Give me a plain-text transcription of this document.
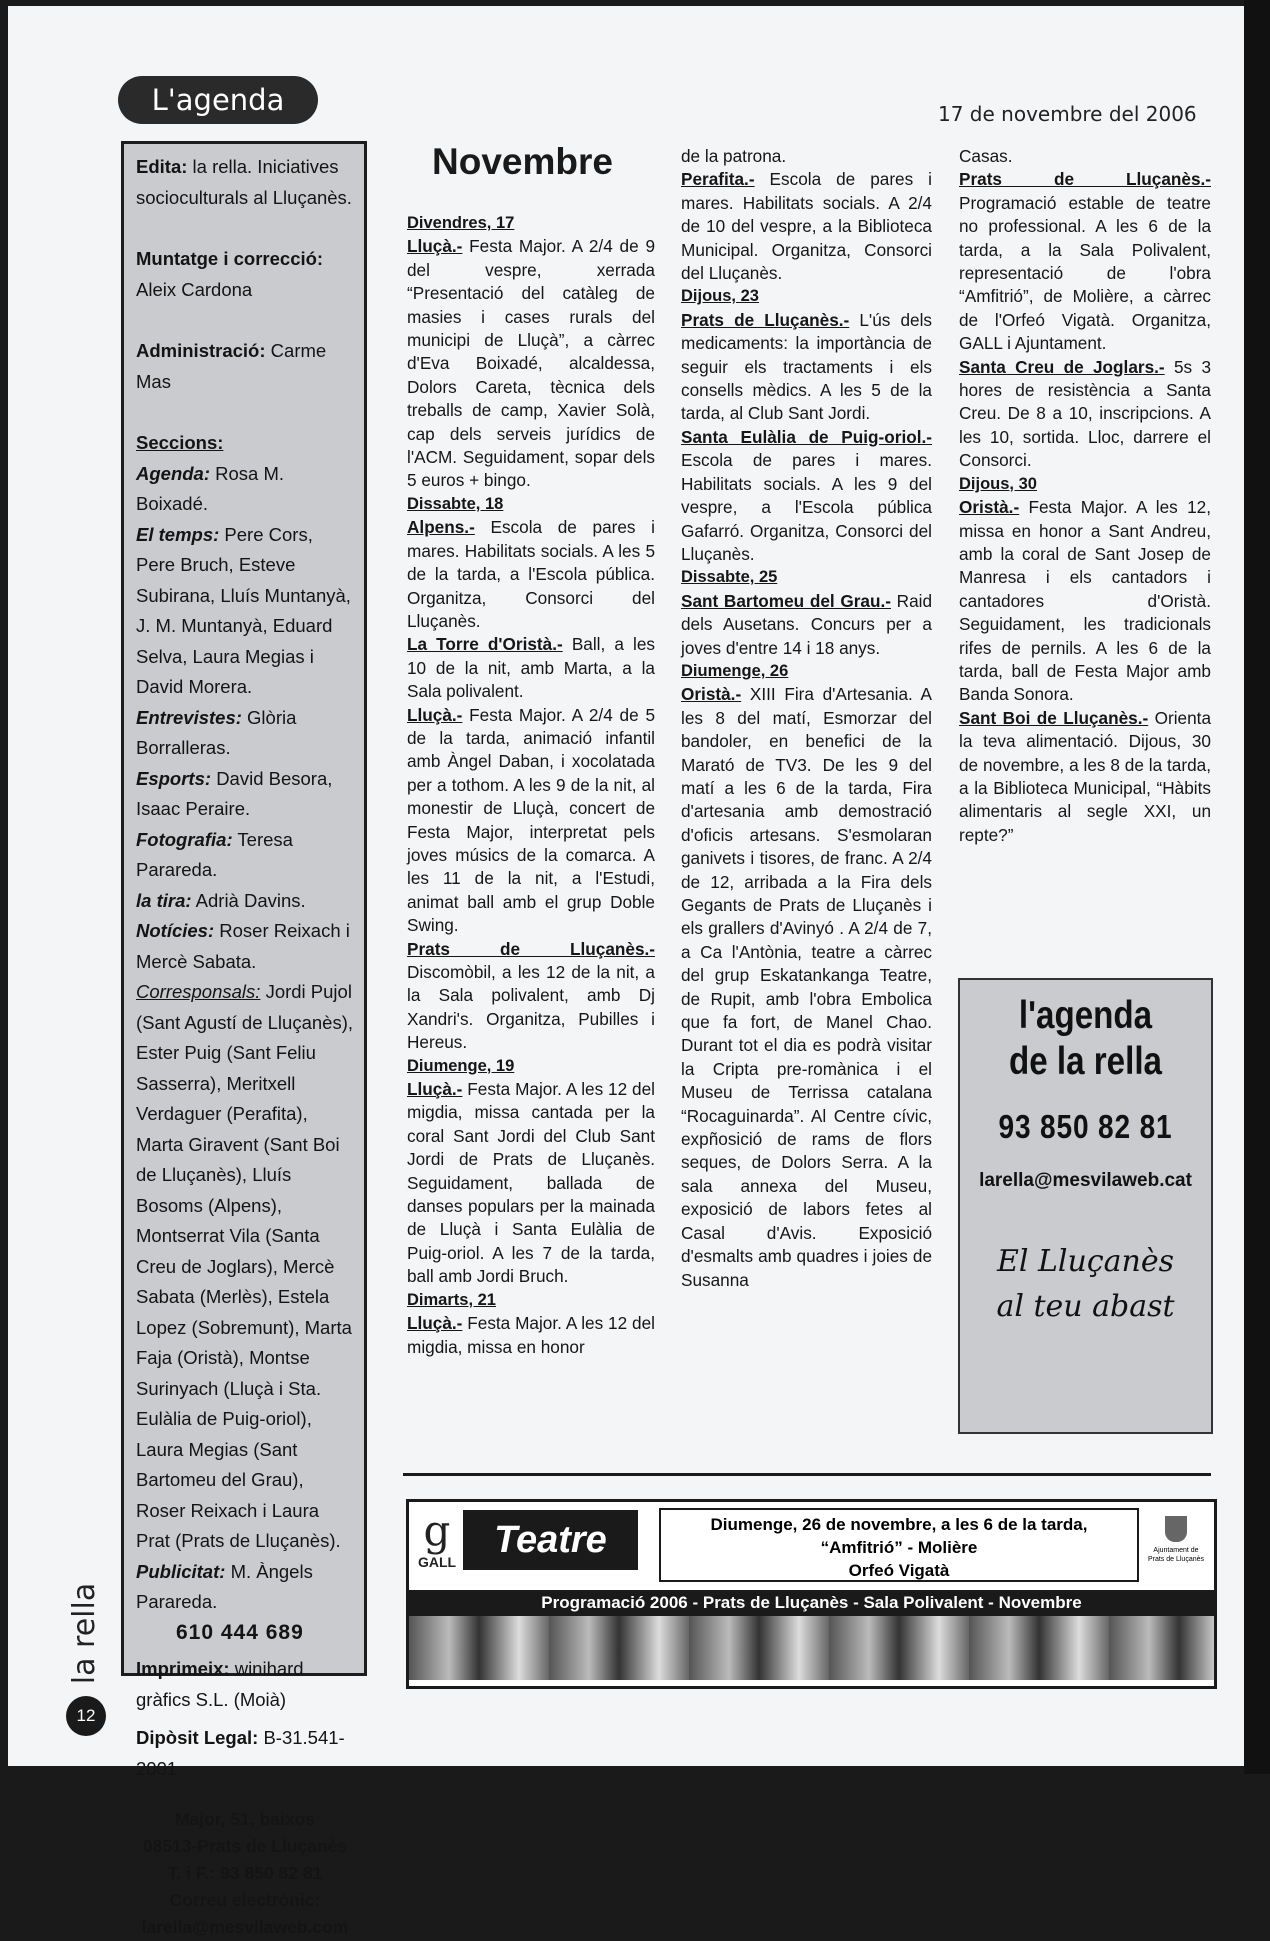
L'agenda	17 de novembre del 2006

Edita: la rella. Iniciatives socioculturals al Lluçanès.

Muntatge i correcció: Aleix Cardona

Administració: Carme Mas

Seccions:

Agenda: Rosa M. Boixadé.

El temps: Pere Cors, Pere Bruch, Esteve Subirana, Lluís Muntanyà, J. M. Muntanyà, Eduard Selva, Laura Megias i David Morera.

Entrevistes: Glòria Borralleras.

Esports: David Besora, Isaac Peraire.

Fotografia: Teresa Parareda.

la tira: Adrià Davins.

Notícies: Roser Reixach i Mercè Sabata.

Corresponsals: Jordi Pujol (Sant Agustí de Lluçanès), Ester Puig (Sant Feliu Sasserra), Meritxell Verdaguer (Perafita), Marta Giravent (Sant Boi de Lluçanès), Lluís Bosoms (Alpens), Montserrat Vila (Santa Creu de Joglars), Mercè Sabata (Merlès), Estela Lopez (Sobremunt), Marta Faja (Oristà), Montse Surinyach (Lluçà i Sta. Eulàlia de Puig-oriol), Laura Megias (Sant Bartomeu del Grau), Roser Reixach i Laura Prat (Prats de Lluçanès).

Publicitat: M. Àngels Parareda.

610 444 689

Imprimeix: winihard gràfics S.L. (Moià)

Dipòsit Legal: B-31.541-2001

Major, 51, baixos
08513-Prats de Lluçanès
T. i F.: 93 850 82 81
Correu electrònic:
larella@mesvilaweb.com
Novembre

Divendres, 17

Lluçà.- Festa Major. A 2/4 de 9 del vespre, xerrada “Presentació del catàleg de masies i cases rurals del municipi de Lluçà”, a càrrec d'Eva Boixadé, alcaldessa, Dolors Careta, tècnica dels treballs de camp, Xavier Solà, cap dels serveis jurídics de l'ACM. Seguidament, sopar dels 5 euros + bingo.

Dissabte, 18

Alpens.- Escola de pares i mares. Habilitats socials. A les 5 de la tarda, a l'Escola pública. Organitza, Consorci del Lluçanès.

La Torre d'Oristà.- Ball, a les 10 de la nit, amb Marta, a la Sala polivalent.

Lluçà.- Festa Major. A 2/4 de 5 de la tarda, animació infantil amb Àngel Daban, i xocolatada per a tothom. A les 9 de la nit, al monestir de Lluçà, concert de Festa Major, interpretat pels joves músics de la comarca. A les 11 de la nit, a l'Estudi, animat ball amb el grup Doble Swing.

Prats de Lluçanès.- Discomòbil, a les 12 de la nit, a la Sala polivalent, amb Dj Xandri's. Organitza, Pubilles i Hereus.

Diumenge, 19

Lluçà.- Festa Major. A les 12 del migdia, missa cantada per la coral Sant Jordi del Club Sant Jordi de Prats de Lluçanès. Seguidament, ballada de danses populars per la mainada de Lluçà i Santa Eulàlia de Puig-oriol. A les 7 de la tarda, ball amb Jordi Bruch.

Dimarts, 21

Lluçà.- Festa Major. A les 12 del migdia, missa en honor

de la patrona.

Perafita.- Escola de pares i mares. Habilitats socials. A 2/4 de 10 del vespre, a la Biblioteca Municipal. Organitza, Consorci del Lluçanès.

Dijous, 23

Prats de Lluçanès.- L'ús dels medicaments: la importància de seguir els tractaments i els consells mèdics. A les 5 de la tarda, al Club Sant Jordi.

Santa Eulàlia de Puig-oriol.- Escola de pares i mares. Habilitats socials. A les 9 del vespre, a l'Escola pública Gafarró. Organitza, Consorci del Lluçanès.

Dissabte, 25

Sant Bartomeu del Grau.- Raid dels Ausetans. Concurs per a joves d'entre 14 i 18 anys.

Diumenge, 26

Oristà.- XIII Fira d'Artesania. A les 8 del matí, Esmorzar del bandoler, en benefici de la Marató de TV3. De les 9 del matí a les 6 de la tarda, Fira d'artesania amb demostració d'oficis artesans. S'esmolaran ganivets i tisores, de franc. A 2/4 de 12, arribada a la Fira dels Gegants de Prats de Lluçanès i els grallers d'Avinyó . A 2/4 de 7, a Ca l'Antònia, teatre a càrrec del grup Eskatankanga Teatre, de Rupit, amb l'obra Embolica que fa fort, de Manel Chao. Durant tot el dia es podrà visitar la Cripta pre-romànica i el Museu de Terrissa catalana “Rocaguinarda”. Al Centre cívic, expñosició de rams de flors seques, de Dolors Serra. A la sala annexa del Museu, exposició de labors fetes al Casal d'Avis. Exposició d'esmalts amb quadres i joies de Susanna

Casas.

Prats de Lluçanès.- Programació estable de teatre no professional. A les 6 de la tarda, a la Sala Polivalent, representació de l'obra “Amfitrió”, de Molière, a càrrec de l'Orfeó Vigatà. Organitza, GALL i Ajuntament.

Santa Creu de Joglars.- 5s 3 hores de resistència a Santa Creu. De 8 a 10, inscripcions. A les 10, sortida. Lloc, darrere el Consorci.

Dijous, 30

Oristà.- Festa Major. A les 12, missa en honor a Sant Andreu, amb la coral de Sant Josep de Manresa i els cantadors i cantadores d'Oristà. Seguidament, les tradicionals rifes de pernils. A les 6 de la tarda, ball de Festa Major amb Banda Sonora.

Sant Boi de Lluçanès.- Orienta la teva alimentació. Dijous, 30 de novembre, a les 8 de la tarda, a la Biblioteca Municipal, “Hàbits alimentaris al segle XXI, un repte?”

l'agenda
de la rella
93 850 82 81
larella@mesvilaweb.cat
El Lluçanès
al teu abast
g
GALL
Teatre	Diumenge, 26 de novembre, a les 6 de la tarda,
“Amfitrió” - Molière
Orfeó Vigatà
Ajuntament de Prats de Lluçanès
Programació 2006 - Prats de Lluçanès - Sala Polivalent - Novembre
la rella
12
